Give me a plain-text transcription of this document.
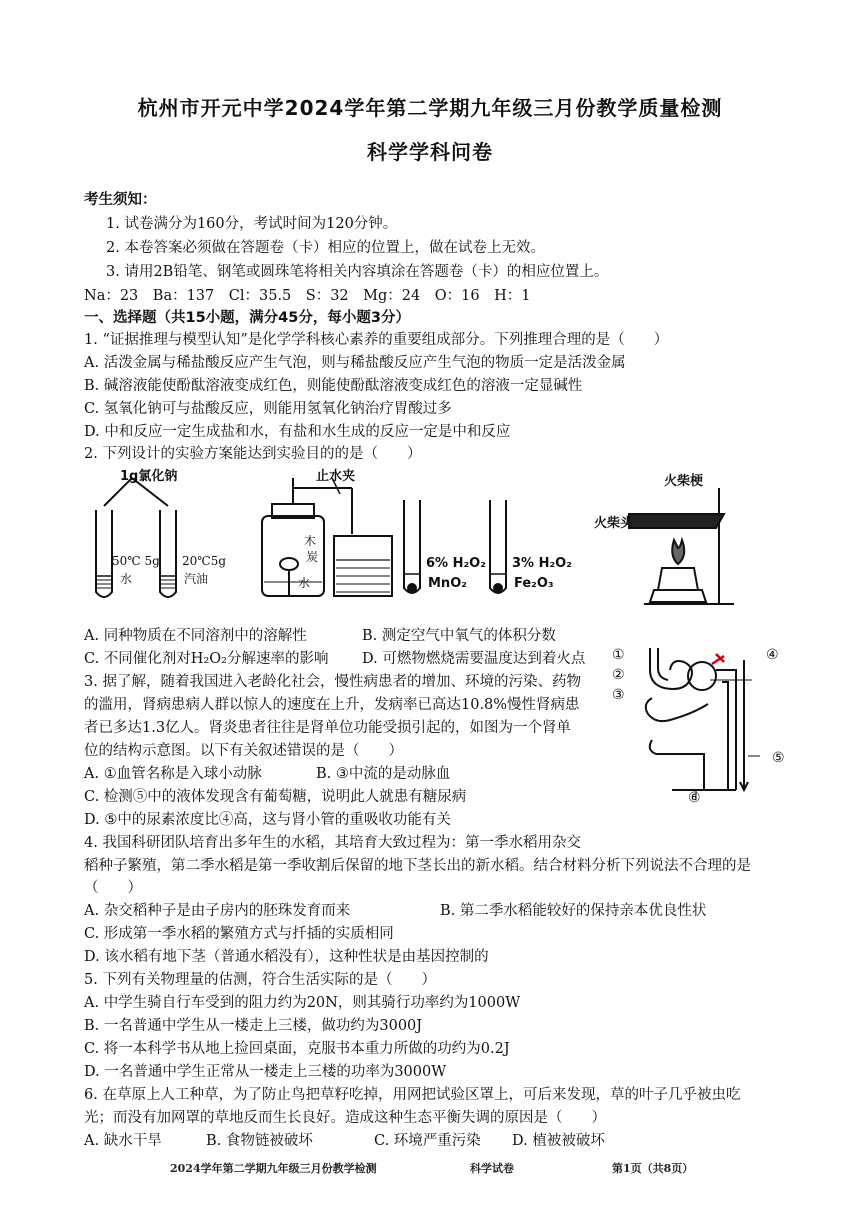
杭州市开元中学2024学年第二学期九年级三月份教学质量检测
科学学科问卷
考生须知：
1. 试卷满分为160分，考试时间为120分钟。
2. 本卷答案必须做在答题卷（卡）相应的位置上，做在试卷上无效。
3. 请用2B铅笔、钢笔或圆珠笔将相关内容填涂在答题卷（卡）的相应位置上。
Na：23　Ba：137　Cl：35.5　S：32　Mg：24　O：16　H：1
一、选择题（共15小题，满分45分，每小题3分）
1. “证据推理与模型认知”是化学学科核心素养的重要组成部分。下列推理合理的是（　　）
A. 活泼金属与稀盐酸反应产生气泡，则与稀盐酸反应产生气泡的物质一定是活泼金属
B. 碱溶液能使酚酞溶液变成红色，则能使酚酞溶液变成红色的溶液一定显碱性
C. 氢氧化钠可与盐酸反应，则能用氢氧化钠治疗胃酸过多
D. 中和反应一定生成盐和水，有盐和水生成的反应一定是中和反应
2. 下列设计的实验方案能达到实验目的的是（　　）
1g氯化钠
50℃ 5g
水
20℃5g
汽油
止水夹
木
炭
水
6% H₂O₂
MnO₂
3% H₂O₂
Fe₂O₃
火柴梗
火柴头
A. 同种物质在不同溶剂中的溶解性	B. 测定空气中氧气的体积分数
C. 不同催化剂对H₂O₂分解速率的影响 D. 可燃物燃烧需要温度达到着火点
3. 据了解，随着我国进入老龄化社会，慢性病患者的增加、环境的污染、药物
的滥用，肾病患病人群以惊人的速度在上升，发病率已高达10.8%慢性肾病患
者已多达1.3亿人。肾炎患者往往是肾单位功能受损引起的，如图为一个肾单
位的结构示意图。以下有关叙述错误的是（　　）
A. ①血管名称是入球小动脉	B. ③中流的是动脉血
C. 检测⑤中的液体发现含有葡萄糖，说明此人就患有糖尿病
D. ⑤中的尿素浓度比④高，这与肾小管的重吸收功能有关
①
②
③
④
⑤
⑥
4. 我国科研团队培育出多年生的水稻，其培育大致过程为：第一季水稻用杂交
稻种子繁殖，第二季水稻是第一季收割后保留的地下茎长出的新水稻。结合材料分析下列说法不合理的是
（　　）
A. 杂交稻种子是由子房内的胚珠发育而来	B. 第二季水稻能较好的保持亲本优良性状
C. 形成第一季水稻的繁殖方式与扦插的实质相同
D. 该水稻有地下茎（普通水稻没有），这种性状是由基因控制的
5. 下列有关物理量的估测，符合生活实际的是（　　）
A. 中学生骑自行车受到的阻力约为20N，则其骑行功率约为1000W
B. 一名普通中学生从一楼走上三楼，做功约为3000J
C. 将一本科学书从地上捡回桌面，克服书本重力所做的功约为0.2J
D. 一名普通中学生正常从一楼走上三楼的功率为3000W
6. 在草原上人工种草，为了防止鸟把草籽吃掉，用网把试验区罩上，可后来发现，草的叶子几乎被虫吃
光；而没有加网罩的草地反而生长良好。造成这种生态平衡失调的原因是（　　）
A. 缺水干旱	B. 食物链被破坏	C. 环境严重污染 D. 植被被破坏
2024学年第二学期九年级三月份教学检测	科学试卷	第1页（共8页）
